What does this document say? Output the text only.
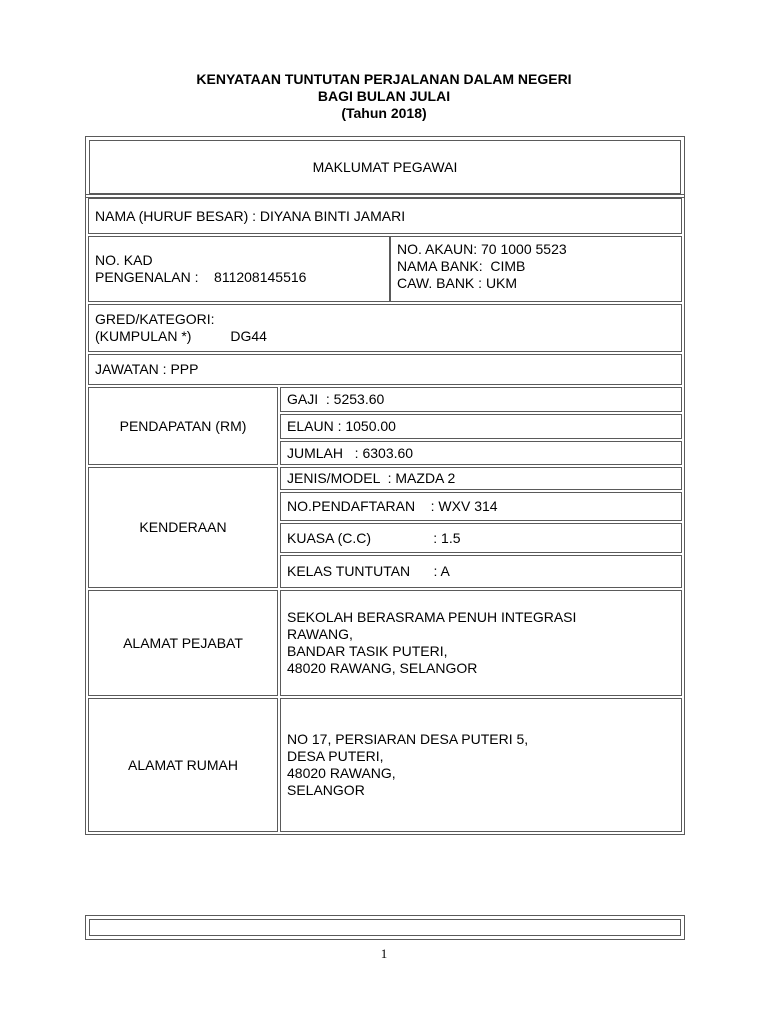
KENYATAAN TUNTUTAN PERJALANAN DALAM NEGERI
BAGI BULAN JULAI
(Tahun 2018)
MAKLUMAT PEGAWAI
NAMA (HURUF BESAR) : DIYANA BINTI JAMARI
NO. KAD
PENGENALAN :    811208145516
NO. AKAUN: 70 1000 5523
NAMA BANK:  CIMB
CAW. BANK : UKM
GRED/KATEGORI:
(KUMPULAN *)          DG44
JAWATAN : PPP
PENDAPATAN (RM)
GAJI  : 5253.60
ELAUN : 1050.00
JUMLAH   : 6303.60
KENDERAAN
JENIS/MODEL  : MAZDA 2
NO.PENDAFTARAN    : WXV 314
KUASA (C.C)                : 1.5
KELAS TUNTUTAN      : A
ALAMAT PEJABAT
SEKOLAH BERASRAMA PENUH INTEGRASI
RAWANG,
BANDAR TASIK PUTERI,
48020 RAWANG, SELANGOR
ALAMAT RUMAH
NO 17, PERSIARAN DESA PUTERI 5,
DESA PUTERI,
48020 RAWANG,
SELANGOR
1
